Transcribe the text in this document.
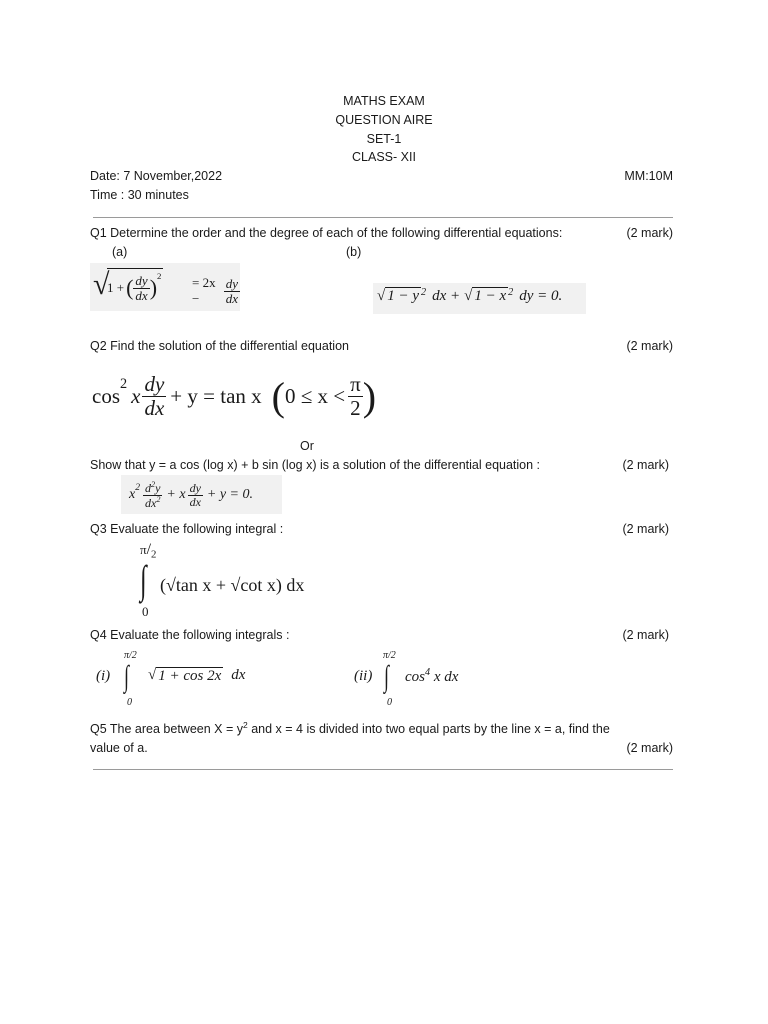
MATHS EXAM
QUESTION AIRE
SET-1
CLASS- XII
Date: 7 November,2022	MM:10M
Time : 30 minutes
Q1 Determine the order and the degree of each of the following differential equations:	(2 mark)
(a)	(b)
√
1 + ( $\frac{dy}{dx} )^2 = 2x$ −	$\frac{dy}{dx}$	√ $1 - y^2$ dx + √ $1 - x^2$ dy = 0.
Q2 Find the solution of the differential equation	(2 mark)
$\cos^2 x \frac{dy}{dx} + y = \tan x$ ( $0 \le x < \frac{\pi}{2}$ )
Or
Show that y = a cos (log x) + b sin (log x) is a solution of the differential equation :	(2 mark)
$x^2 \frac{d^2y}{dx^2} + x \frac{dy}{dx} + y = 0$.
Q3 Evaluate the following integral :	(2 mark)
$\pi/_2$
∫
0
(√tan x + √cot x) dx
Q4 Evaluate the following integrals :	(2 mark)
(i)
π/2
∫
0
√ 1 + cos 2x dx	(ii)
π/2
∫
0
$\cos^4 x$ dx
Q5 The area between $X = y^2$ and x = 4 is divided into two equal parts by the line x = a, find the
value of a.	(2 mark)
